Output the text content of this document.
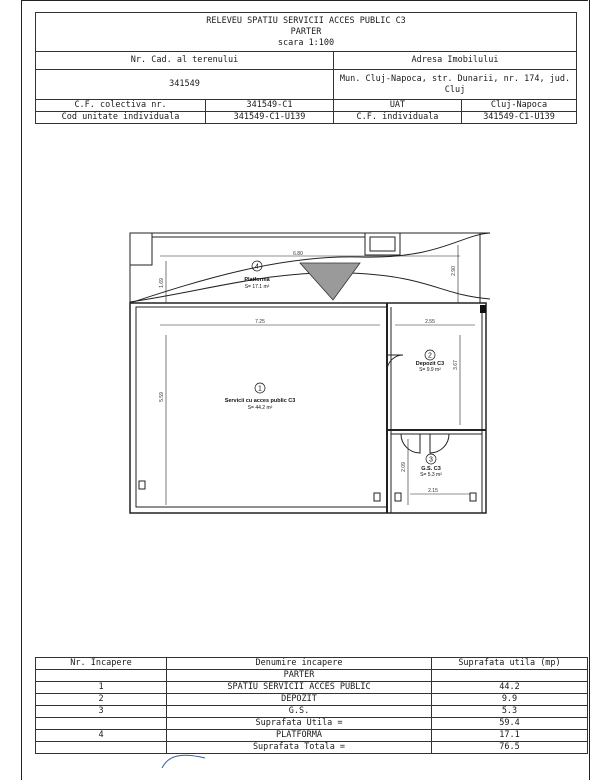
RELEVEU SPATIU SERVICII ACCES PUBLIC C3
PARTER
scara 1:100			

Nr. Cad. al terenului		Adresa Imobilului	
341549		Mun. Cluj-Napoca, str. Dunarii, nr. 174, jud. Cluj	
C.F. colectiva nr.	341549-C1	UAT	Cluj-Napoca
Cod unitate individuala	341549-C1-U139	C.F. individuala	341549-C1-U139
6.80
1.69
2.90
7.25	2.55
5.59
3.67
2.09
2.15
4
Platforma
S= 17.1 m²
1
Servicii cu acces public C3
S= 44.2 m²
2
Depozit C3
S= 9.9 m²
3
G.S. C3
S= 5.3 m²
Nr. Incapere	Denumire incapere	Suprafata utila (mp)
	PARTER	
1	SPATIU SERVICII ACCES PUBLIC	44.2
2	DEPOZIT	9.9
3	G.S.	5.3
	Suprafata Utila =	59.4
4	PLATFORMA	17.1
	Suprafata Totala =	76.5
